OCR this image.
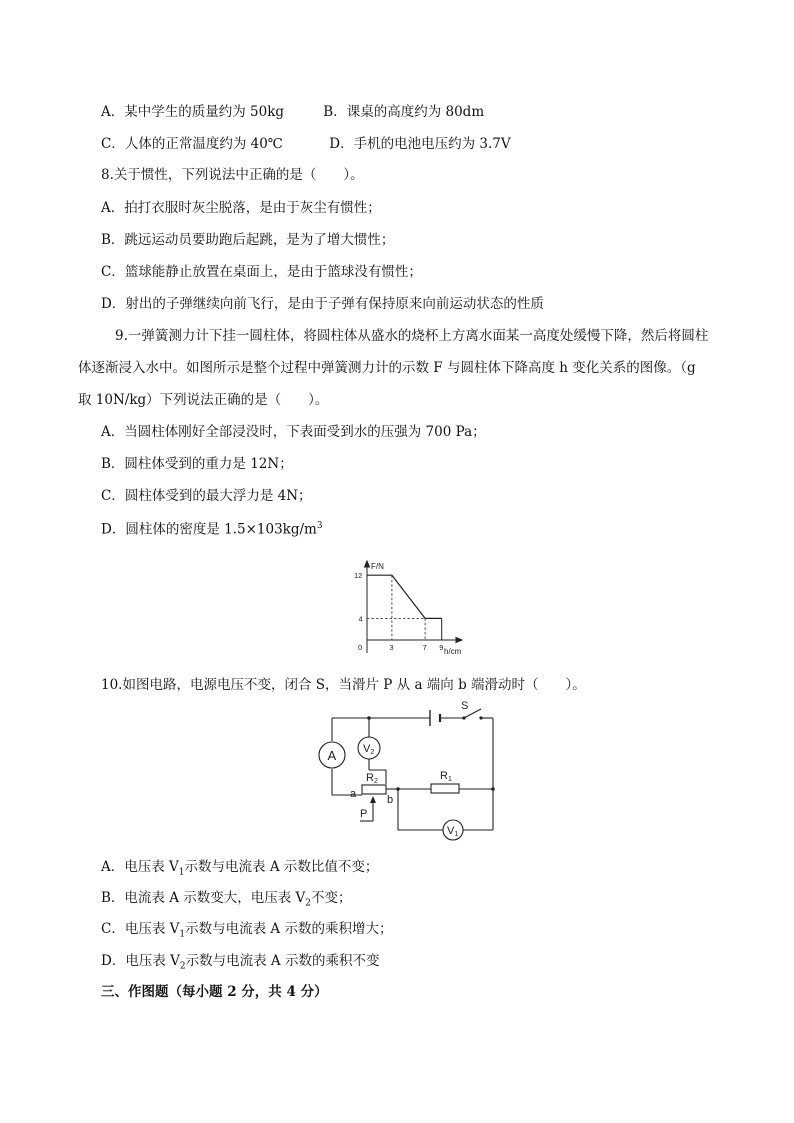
A．某中学生的质量约为 50kg	B．课桌的高度约为 80dm
C．人体的正常温度约为 40℃	D．手机的电池电压约为 3.7V
8.关于惯性，下列说法中正确的是（　　）。
A．拍打衣服时灰尘脱落，是由于灰尘有惯性；
B．跳远运动员要助跑后起跳，是为了增大惯性；
C．篮球能静止放置在桌面上，是由于篮球没有惯性；
D．射出的子弹继续向前飞行，是由于子弹有保持原来向前运动状态的性质
9.一弹簧测力计下挂一圆柱体，将圆柱体从盛水的烧杯上方离水面某一高度处缓慢下降，然后将圆柱
体逐渐浸入水中。如图所示是整个过程中弹簧测力计的示数 F 与圆柱体下降高度 h 变化关系的图像。（g
取 10N/kg）下列说法正确的是（　　）。
A．当圆柱体刚好全部浸没时，下表面受到水的压强为 700 Pa；
B．圆柱体受到的重力是 12N；
C．圆柱体受到的最大浮力是 4N；
D．圆柱体的密度是 $1.5\times 103kg/m^3$
0	3	7 9
12
4
F/N
h/cm
10.如图电路，电源电压不变，闭合 S，当滑片 P 从 a 端向 b 端滑动时（　　）。
A V2
V1
R2	R1
S
a	b
P
A．电压表 $V_1$示数与电流表 A 示数比值不变；
B．电流表 A 示数变大，电压表 $V_2$不变；
C．电压表 $V_1$示数与电流表 A 示数的乘积增大；
D．电压表 $V_2$示数与电流表 A 示数的乘积不变
三、作图题（每小题 2 分，共 4 分）
